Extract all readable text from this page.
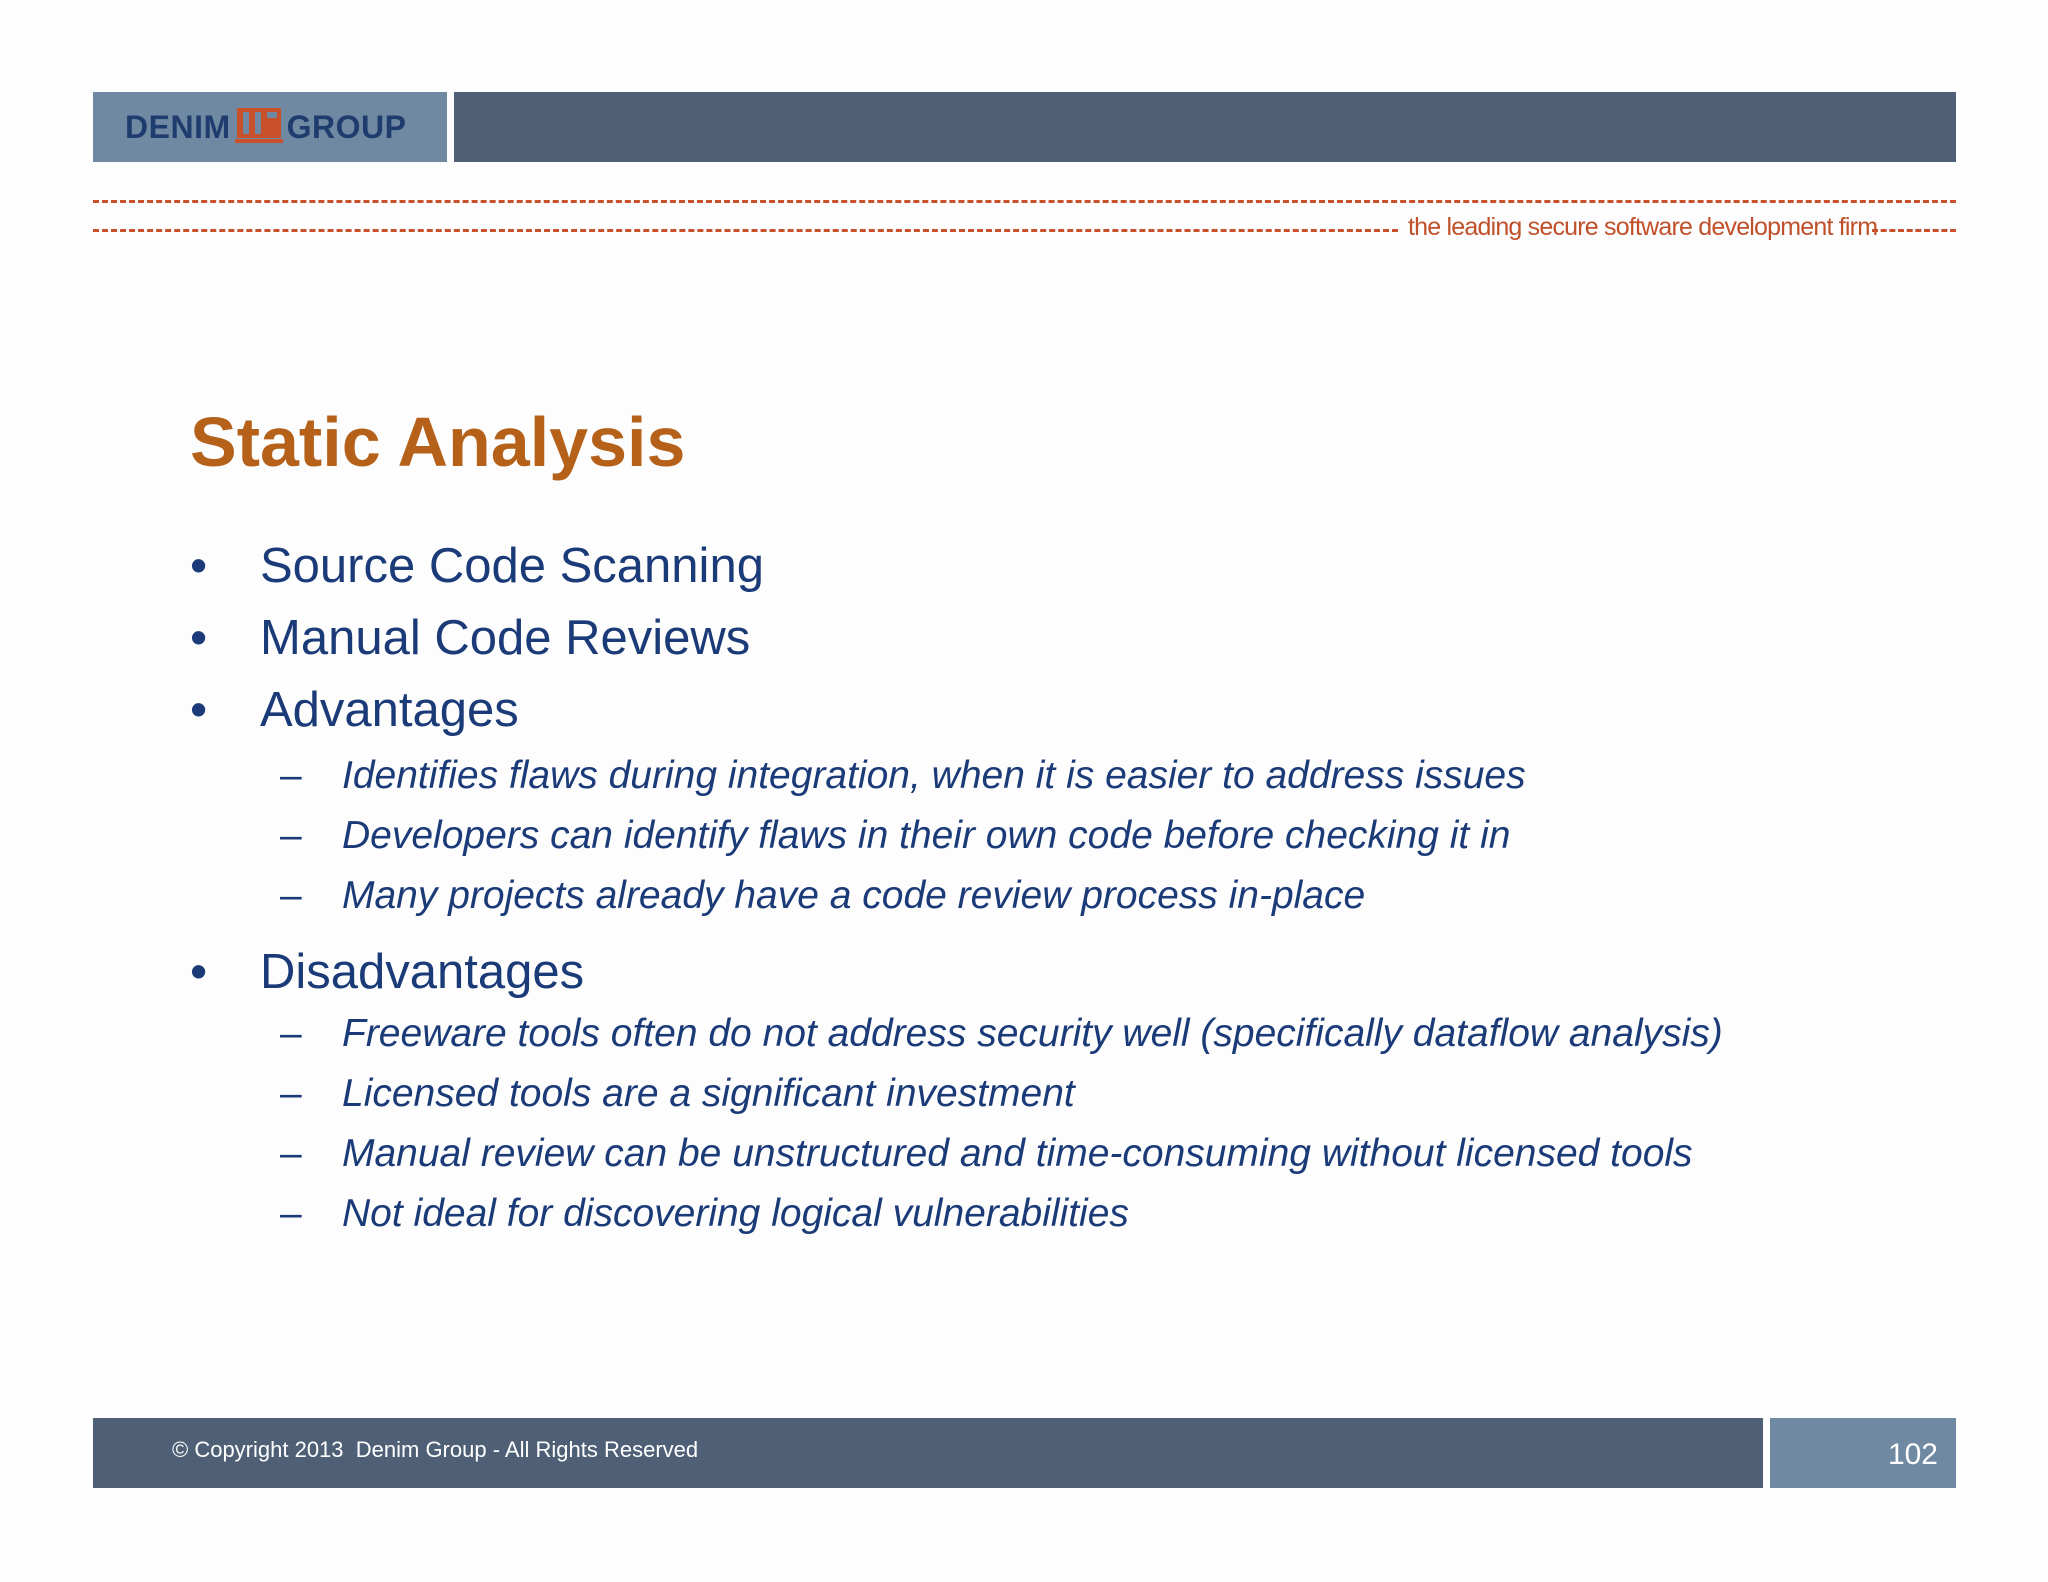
DENIM GROUP
the leading secure software development firm
Static Analysis
• Source Code Scanning
• Manual Code Reviews
• Advantages
– Identifies flaws during integration, when it is easier to address issues
– Developers can identify flaws in their own code before checking it in
– Many projects already have a code review process in-place
• Disadvantages
– Freeware tools often do not address security well (specifically dataflow analysis)
– Licensed tools are a significant investment
– Manual review can be unstructured and time-consuming without licensed tools
– Not ideal for discovering logical vulnerabilities
© Copyright 2013  Denim Group - All Rights Reserved	102
